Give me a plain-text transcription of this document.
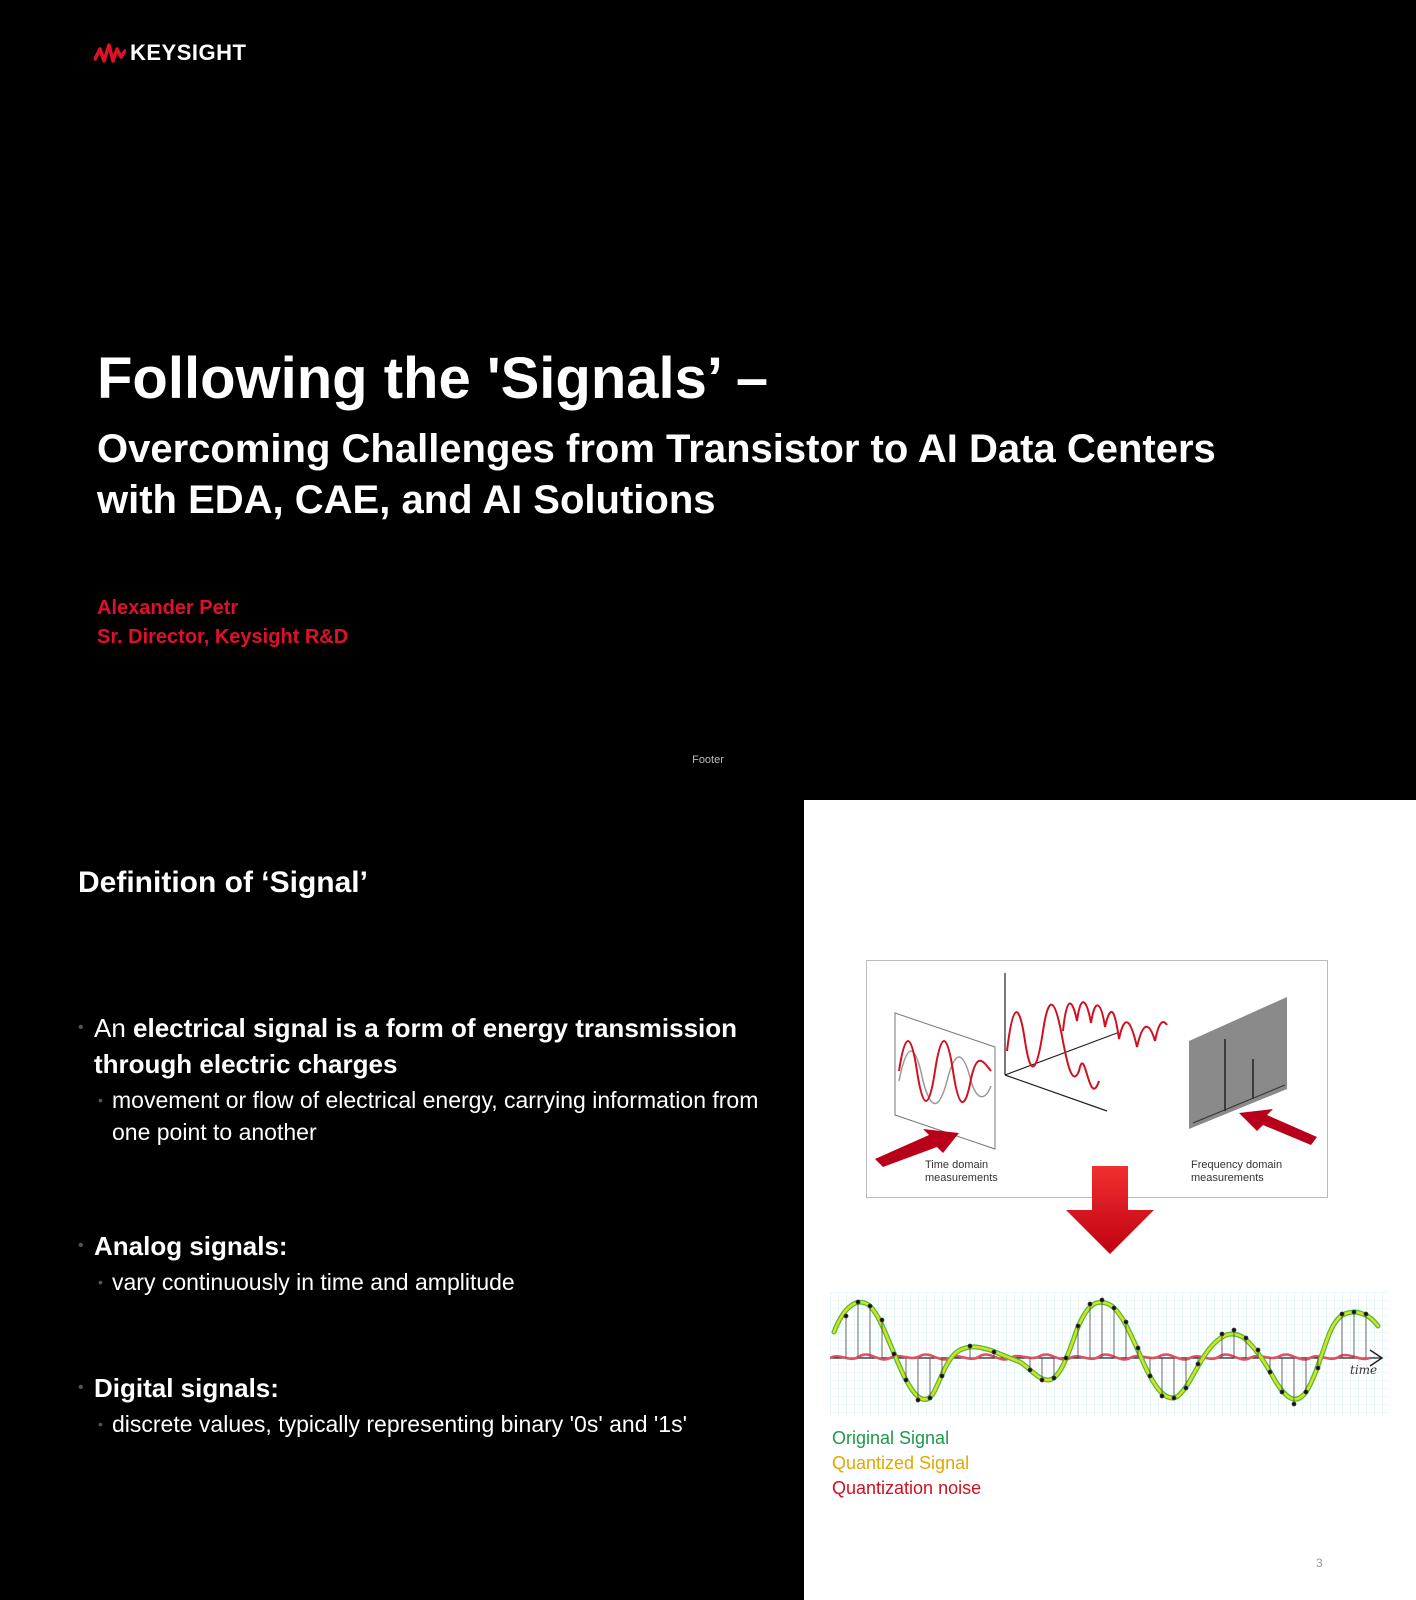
KEYSIGHT
Following the 'Signals’ –
Overcoming Challenges from Transistor to AI Data Centers
with EDA, CAE, and AI Solutions
Alexander Petr
Sr. Director, Keysight R&D
Footer
Definition of ‘Signal’
• An electrical signal is a form of energy transmission through electric charges
• movement or flow of electrical energy, carrying information from one point to another
• Analog signals:
• vary continuously in time and amplitude
• Digital signals:
• discrete values, typically representing binary '0s' and '1s'
Time domain
measurements
Frequency domain
measurements
time
Original Signal
Quantized Signal
Quantization noise
3
